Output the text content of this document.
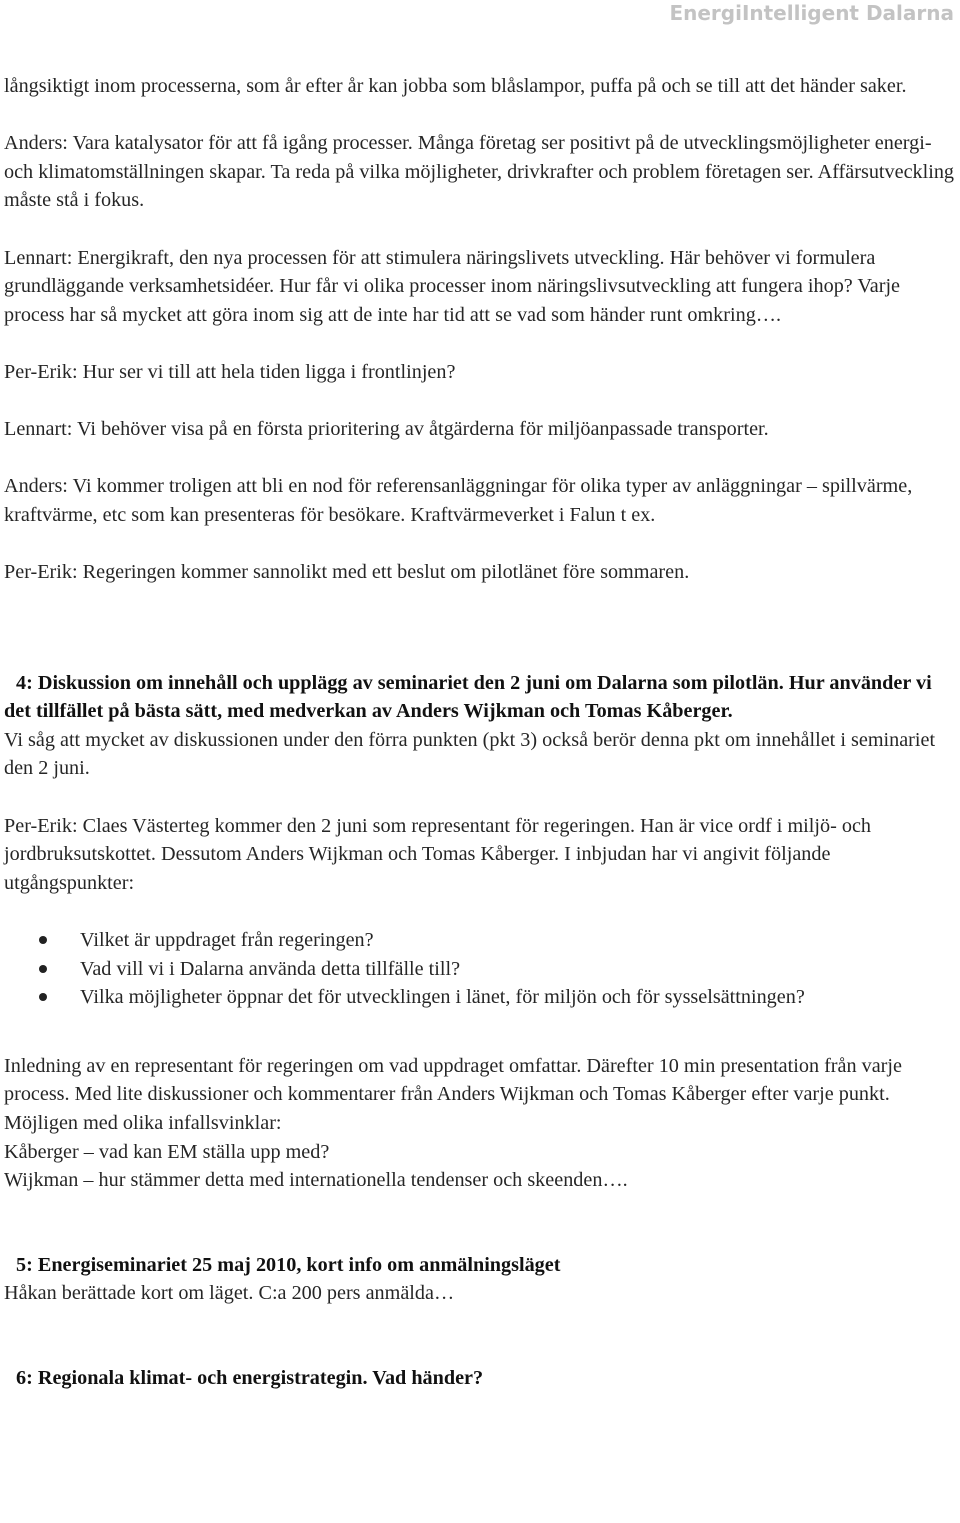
EnergiIntelligent Dalarna

långsiktigt inom processerna, som år efter år kan jobba som blåslampor, puffa på och se till att det händer saker.

Anders: Vara katalysator för att få igång processer. Många företag ser positivt på de utvecklingsmöjligheter energi- och klimatomställningen skapar. Ta reda på vilka möjligheter, drivkrafter och problem företagen ser. Affärsutveckling måste stå i fokus.

Lennart: Energikraft, den nya processen för att stimulera näringslivets utveckling. Här behöver vi formulera grundläggande verksamhetsidéer. Hur får vi olika processer inom näringslivsutveckling att fungera ihop? Varje process har så mycket att göra inom sig att de inte har tid att se vad som händer runt omkring….

Per-Erik: Hur ser vi till att hela tiden ligga i frontlinjen?

Lennart: Vi behöver visa på en första prioritering av åtgärderna för miljöanpassade transporter.

Anders: Vi kommer troligen att bli en nod för referensanläggningar för olika typer av anläggningar – spillvärme, kraftvärme, etc som kan presenteras för besökare. Kraftvärmeverket i Falun t ex.

Per-Erik: Regeringen kommer sannolikt med ett beslut om pilotlänet före sommaren.

4: Diskussion om innehåll och upplägg av seminariet den 2 juni om Dalarna som pilotlän. Hur använder vi det tillfället på bästa sätt, med medverkan av Anders Wijkman och Tomas Kåberger.

Vi såg att mycket av diskussionen under den förra punkten (pkt 3) också berör denna pkt om innehållet i seminariet den 2 juni.

Per-Erik: Claes Västerteg kommer den 2 juni som representant för regeringen. Han är vice ordf i miljö- och jordbruksutskottet. Dessutom Anders Wijkman och Tomas Kåberger. I inbjudan har vi angivit följande utgångspunkter:

Vilket är uppdraget från regeringen?
Vad vill vi i Dalarna använda detta tillfälle till?
Vilka möjligheter öppnar det för utvecklingen i länet, för miljön och för sysselsättningen?

Inledning av en representant för regeringen om vad uppdraget omfattar. Därefter 10 min presentation från varje process. Med lite diskussioner och kommentarer från Anders Wijkman och Tomas Kåberger efter varje punkt.

Möjligen med olika infallsvinklar:

Kåberger – vad kan EM ställa upp med?

Wijkman – hur stämmer detta med internationella tendenser och skeenden….

5: Energiseminariet 25 maj 2010, kort info om anmälningsläget

Håkan berättade kort om läget. C:a 200 pers anmälda…

6: Regionala klimat- och energistrategin. Vad händer?
